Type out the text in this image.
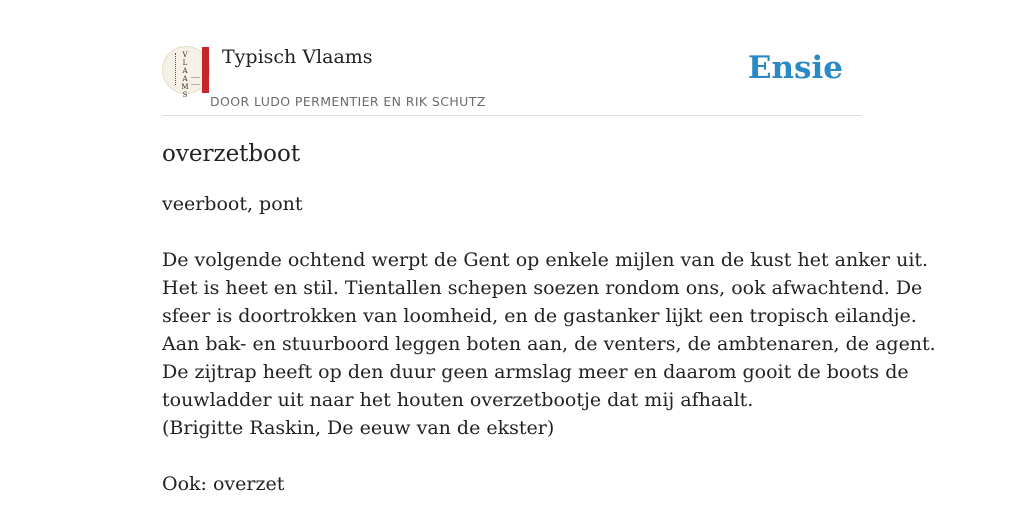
V
L
A
A
M
S
Typisch Vlaams
DOOR LUDO PERMENTIER EN RIK SCHUTZ
Ensie
overzetboot

veerboot, pont

De volgende ochtend werpt de Gent op enkele mijlen van de kust het anker uit.
Het is heet en stil. Tientallen schepen soezen rondom ons, ook afwachtend. De
sfeer is doortrokken van loomheid, en de gastanker lijkt een tropisch eilandje.
Aan bak- en stuurboord leggen boten aan, de venters, de ambtenaren, de agent.
De zijtrap heeft op den duur geen armslag meer en daarom gooit de boots de
touwladder uit naar het houten overzetbootje dat mij afhaalt.
(Brigitte Raskin, De eeuw van de ekster)

Ook: overzet
